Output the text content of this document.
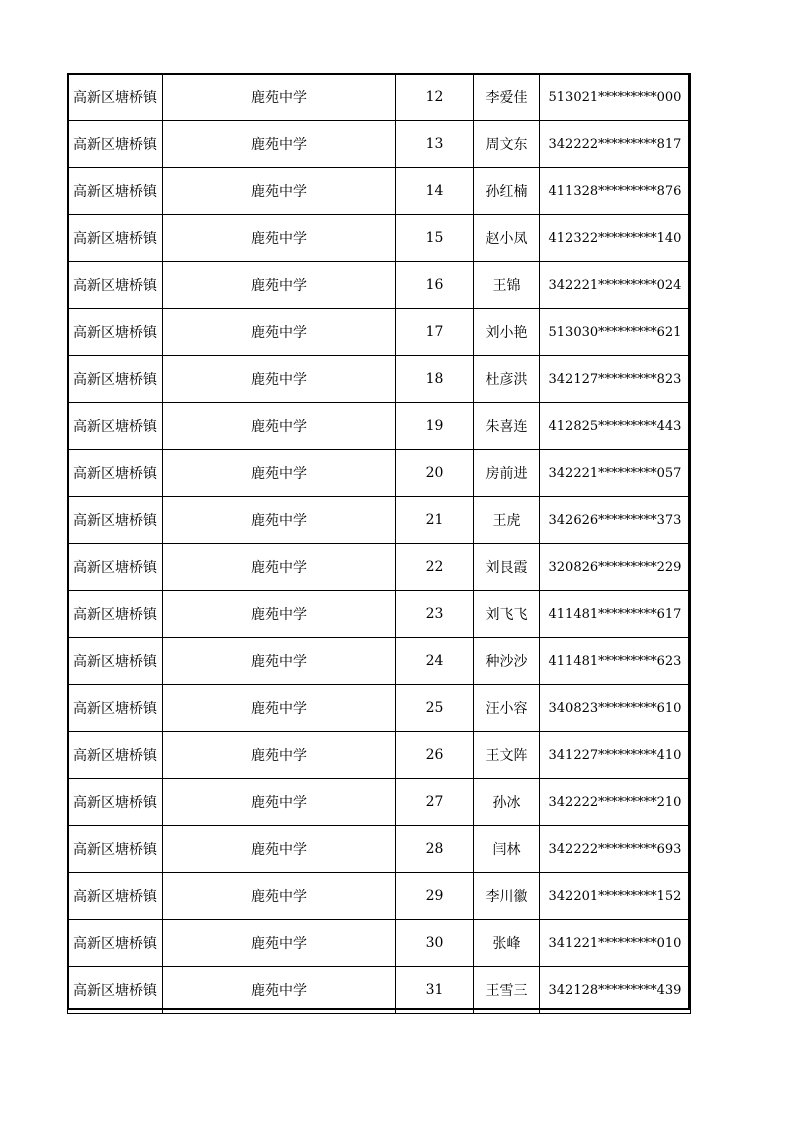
高新区塘桥镇	鹿苑中学	12	李爱佳	513021*********000
高新区塘桥镇	鹿苑中学	13	周文东	342222*********817
高新区塘桥镇	鹿苑中学	14	孙红楠	411328*********876
高新区塘桥镇	鹿苑中学	15	赵小凤	412322*********140
高新区塘桥镇	鹿苑中学	16	王锦	342221*********024
高新区塘桥镇	鹿苑中学	17	刘小艳	513030*********621
高新区塘桥镇	鹿苑中学	18	杜彦洪	342127*********823
高新区塘桥镇	鹿苑中学	19	朱喜连	412825*********443
高新区塘桥镇	鹿苑中学	20	房前进	342221*********057
高新区塘桥镇	鹿苑中学	21	王虎	342626*********373
高新区塘桥镇	鹿苑中学	22	刘艮霞	320826*********229
高新区塘桥镇	鹿苑中学	23	刘飞飞	411481*********617
高新区塘桥镇	鹿苑中学	24	种沙沙	411481*********623
高新区塘桥镇	鹿苑中学	25	汪小容	340823*********610
高新区塘桥镇	鹿苑中学	26	王文阵	341227*********410
高新区塘桥镇	鹿苑中学	27	孙冰	342222*********210
高新区塘桥镇	鹿苑中学	28	闫林	342222*********693
高新区塘桥镇	鹿苑中学	29	李川徽	342201*********152
高新区塘桥镇	鹿苑中学	30	张峰	341221*********010
高新区塘桥镇	鹿苑中学	31	王雪三	342128*********439
